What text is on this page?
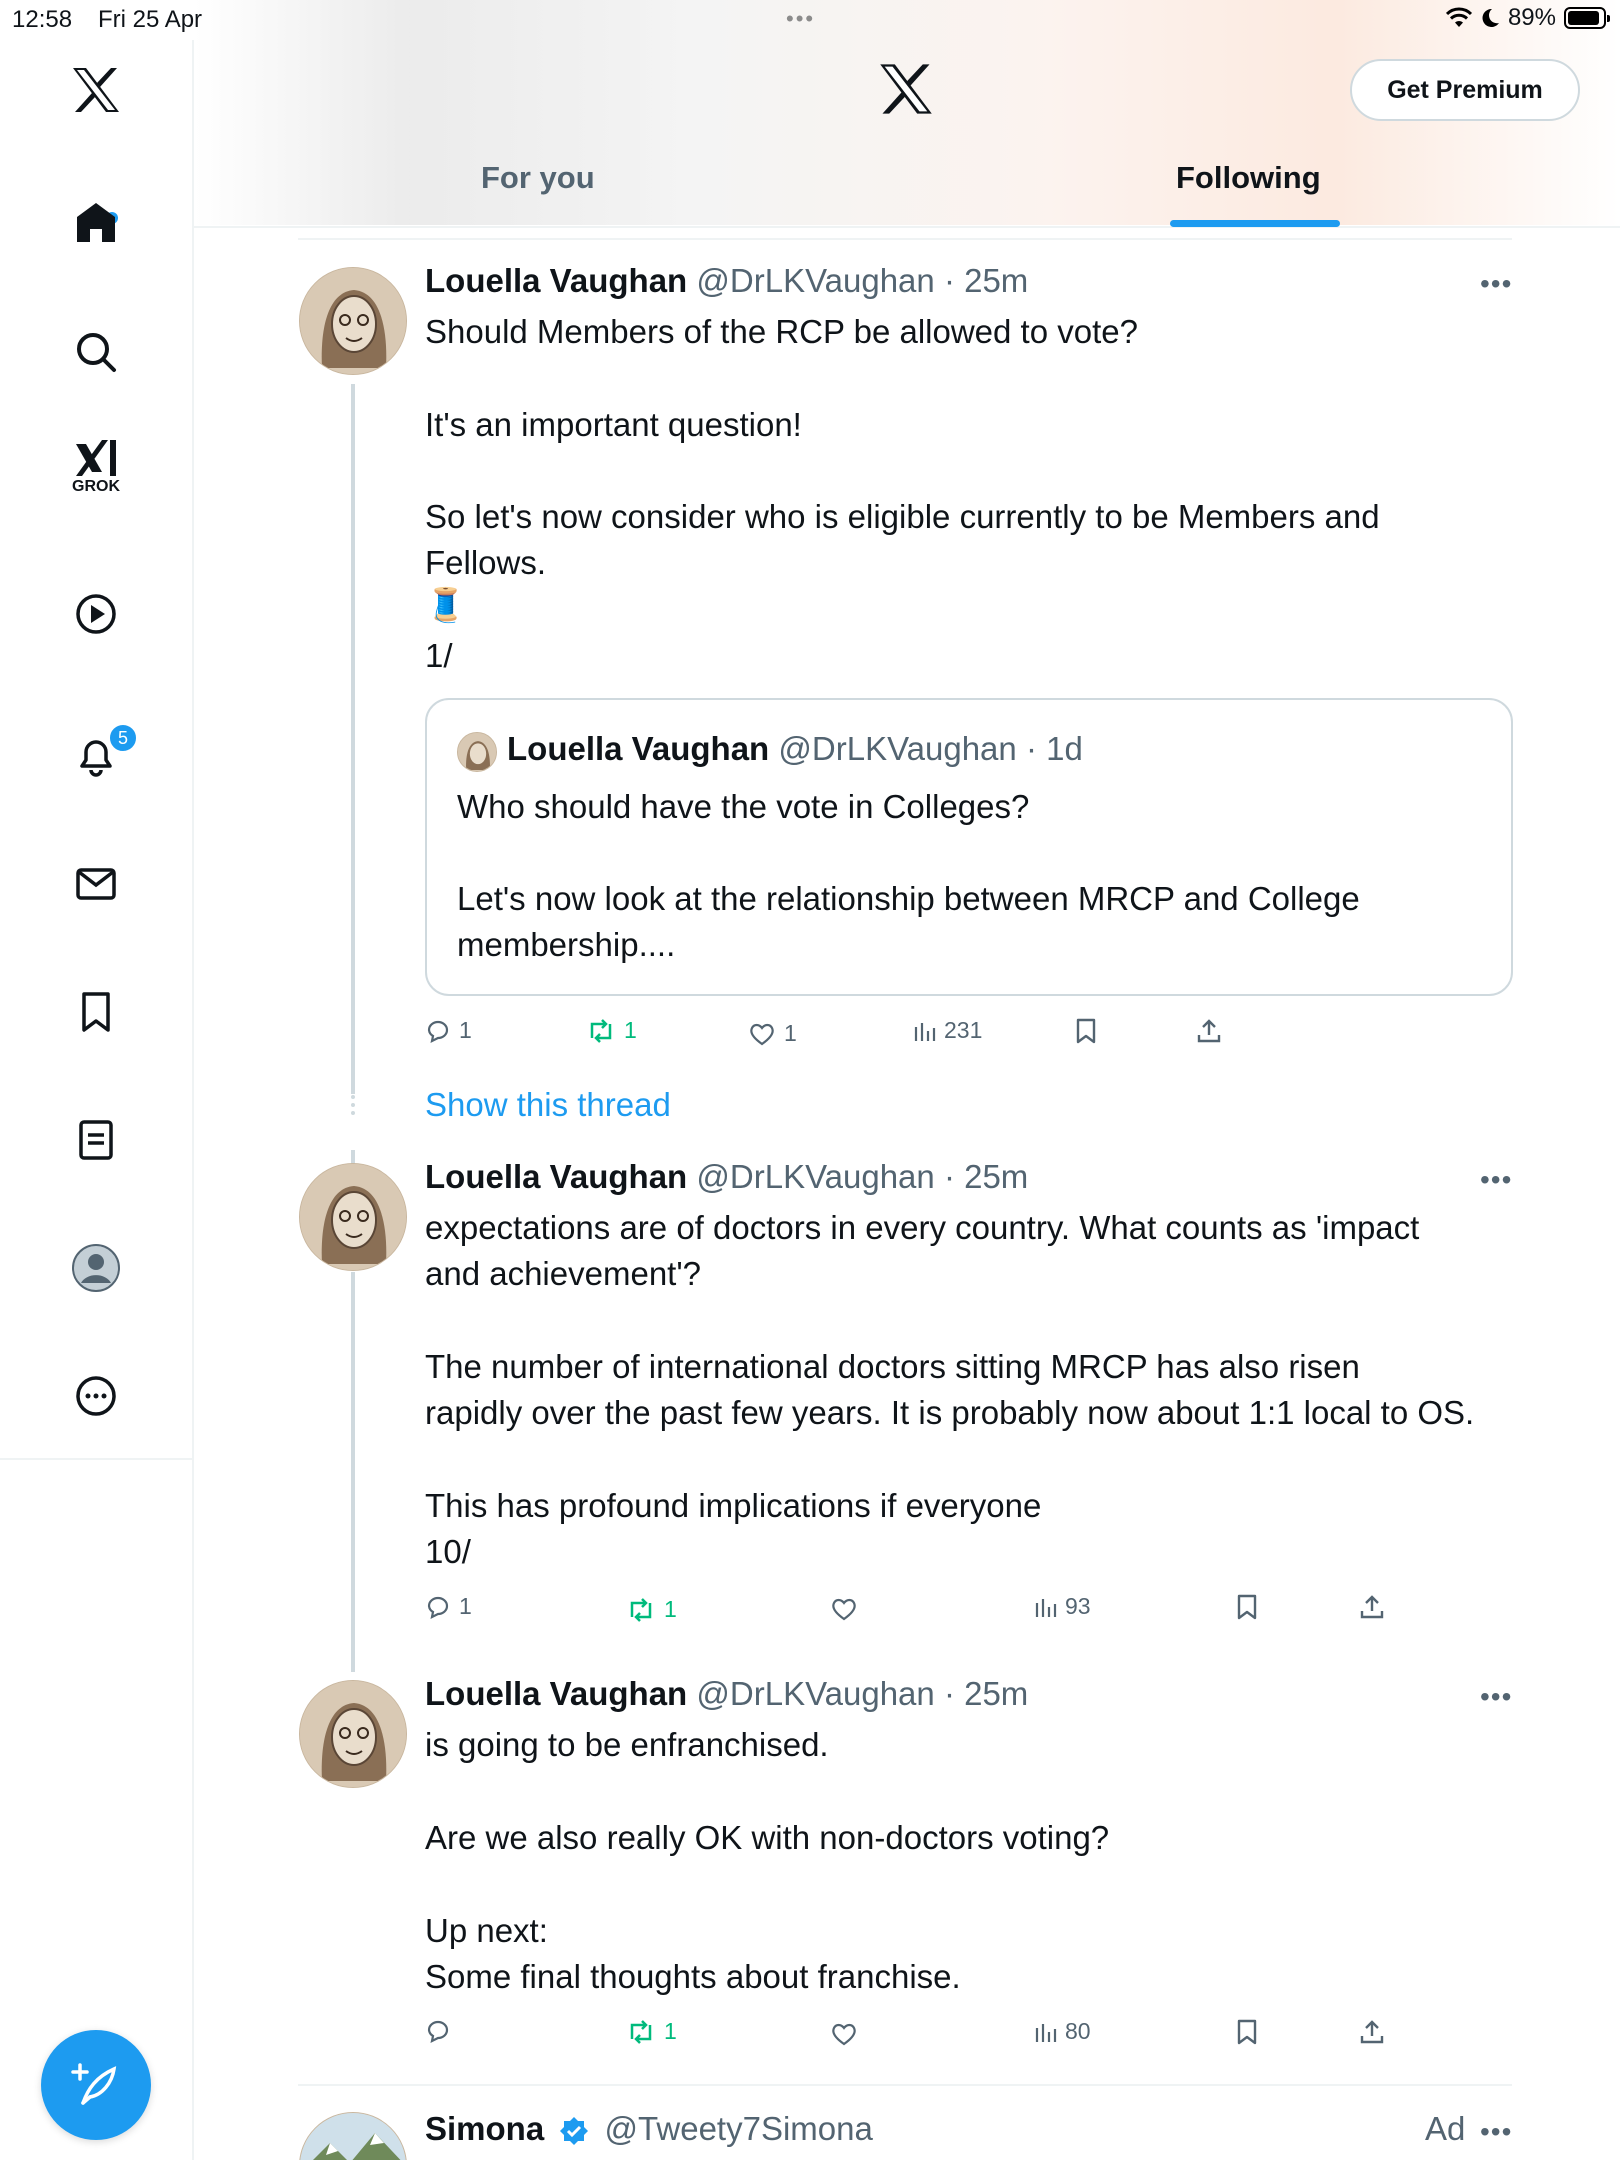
12:58 Fri 25 Apr	•••	89%
GROK
5
Get Premium
For you	Following
Louella Vaughan @DrLKVaughan · 25m	•••
Should Members of the RCP be allowed to vote?
It's an important question!
So let's now consider who is eligible currently to be Members and
Fellows.
🧵
1/
Louella Vaughan @DrLKVaughan · 1d
Who should have the vote in Colleges?
Let's now look at the relationship between MRCP and College
membership....
1	1	1	231
Show this thread
Louella Vaughan @DrLKVaughan · 25m	•••
expectations are of doctors in every country. What counts as 'impact
and achievement'?
The number of international doctors sitting MRCP has also risen
rapidly over the past few years. It is probably now about 1:1 local to OS.
This has profound implications if everyone
10/
1	1	93
Louella Vaughan @DrLKVaughan · 25m	•••
is going to be enfranchised.
Are we also really OK with non-doctors voting?
Up next:
Some final thoughts about franchise.
1	80
Simona @Tweety7Simona	Ad •••
